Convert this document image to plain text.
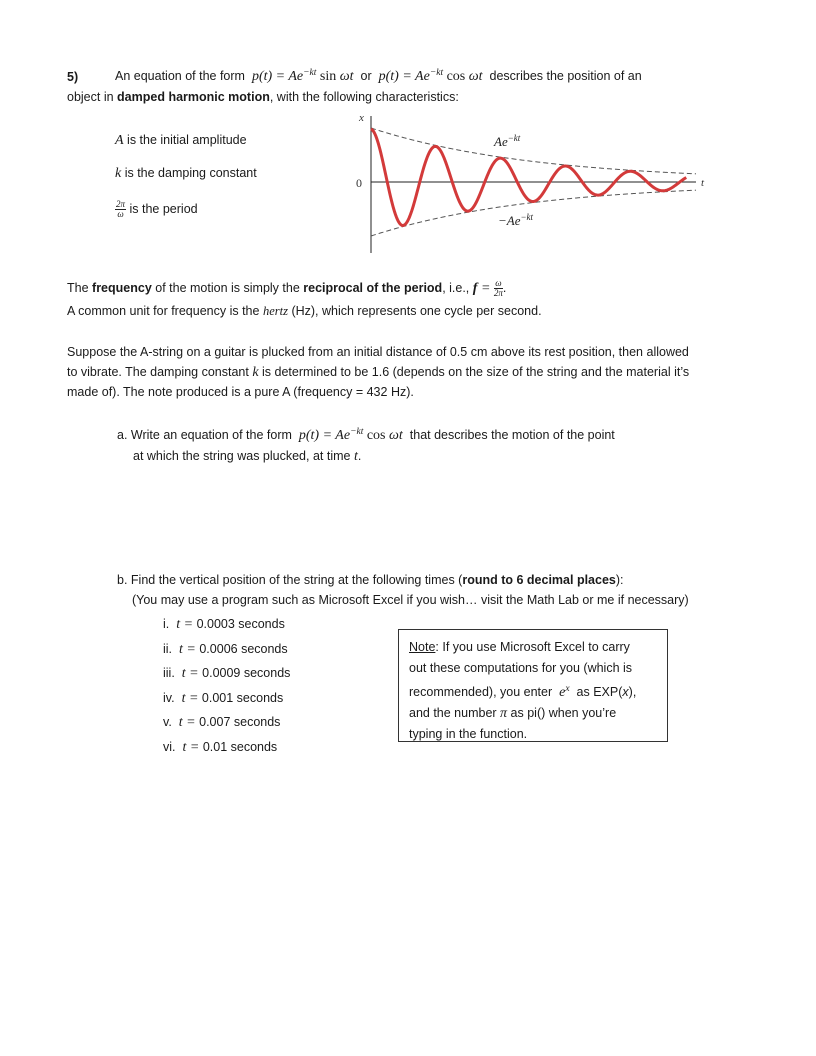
5)	An equation of the form  $p(t) = Ae^{-kt}$ sin ωt  or  $p(t) = Ae^{-kt}$ cos ωt  describes the position of an
object in damped harmonic motion, with the following characteristics:
A is the initial amplitude
k is the damping constant
$\frac{2\pi}{\omega}$ is the period
x
0	t
$Ae^{-kt}$
$-Ae^{-kt}$
The frequency of the motion is simply the reciprocal of the period, i.e., $f = \frac{\omega}{2\pi}$ .
A common unit for frequency is the hertz (Hz), which represents one cycle per second.
Suppose the A-string on a guitar is plucked from an initial distance of 0.5 cm above its rest position, then allowed
to vibrate. The damping constant k is determined to be 1.6 (depends on the size of the string and the material it’s
made of). The note produced is a pure A (frequency = 432 Hz).
a. Write an equation of the form  $p(t) = Ae^{-kt}$ cos ωt  that describes the motion of the point
at which the string was plucked, at time t.
b. Find the vertical position of the string at the following times (round to 6 decimal places):
(You may use a program such as Microsoft Excel if you wish… visit the Math Lab or me if necessary)
i.  t = 0.0003 seconds
ii.  t = 0.0006 seconds
iii.  t = 0.0009 seconds
iv.  t = 0.001 seconds
v.  t = 0.007 seconds
vi.  t = 0.01 seconds
Note: If you use Microsoft Excel to carry
out these computations for you (which is
recommended), you enter  $e^x$ as EXP(x),
and the number π as pi() when you’re
typing in the function.
